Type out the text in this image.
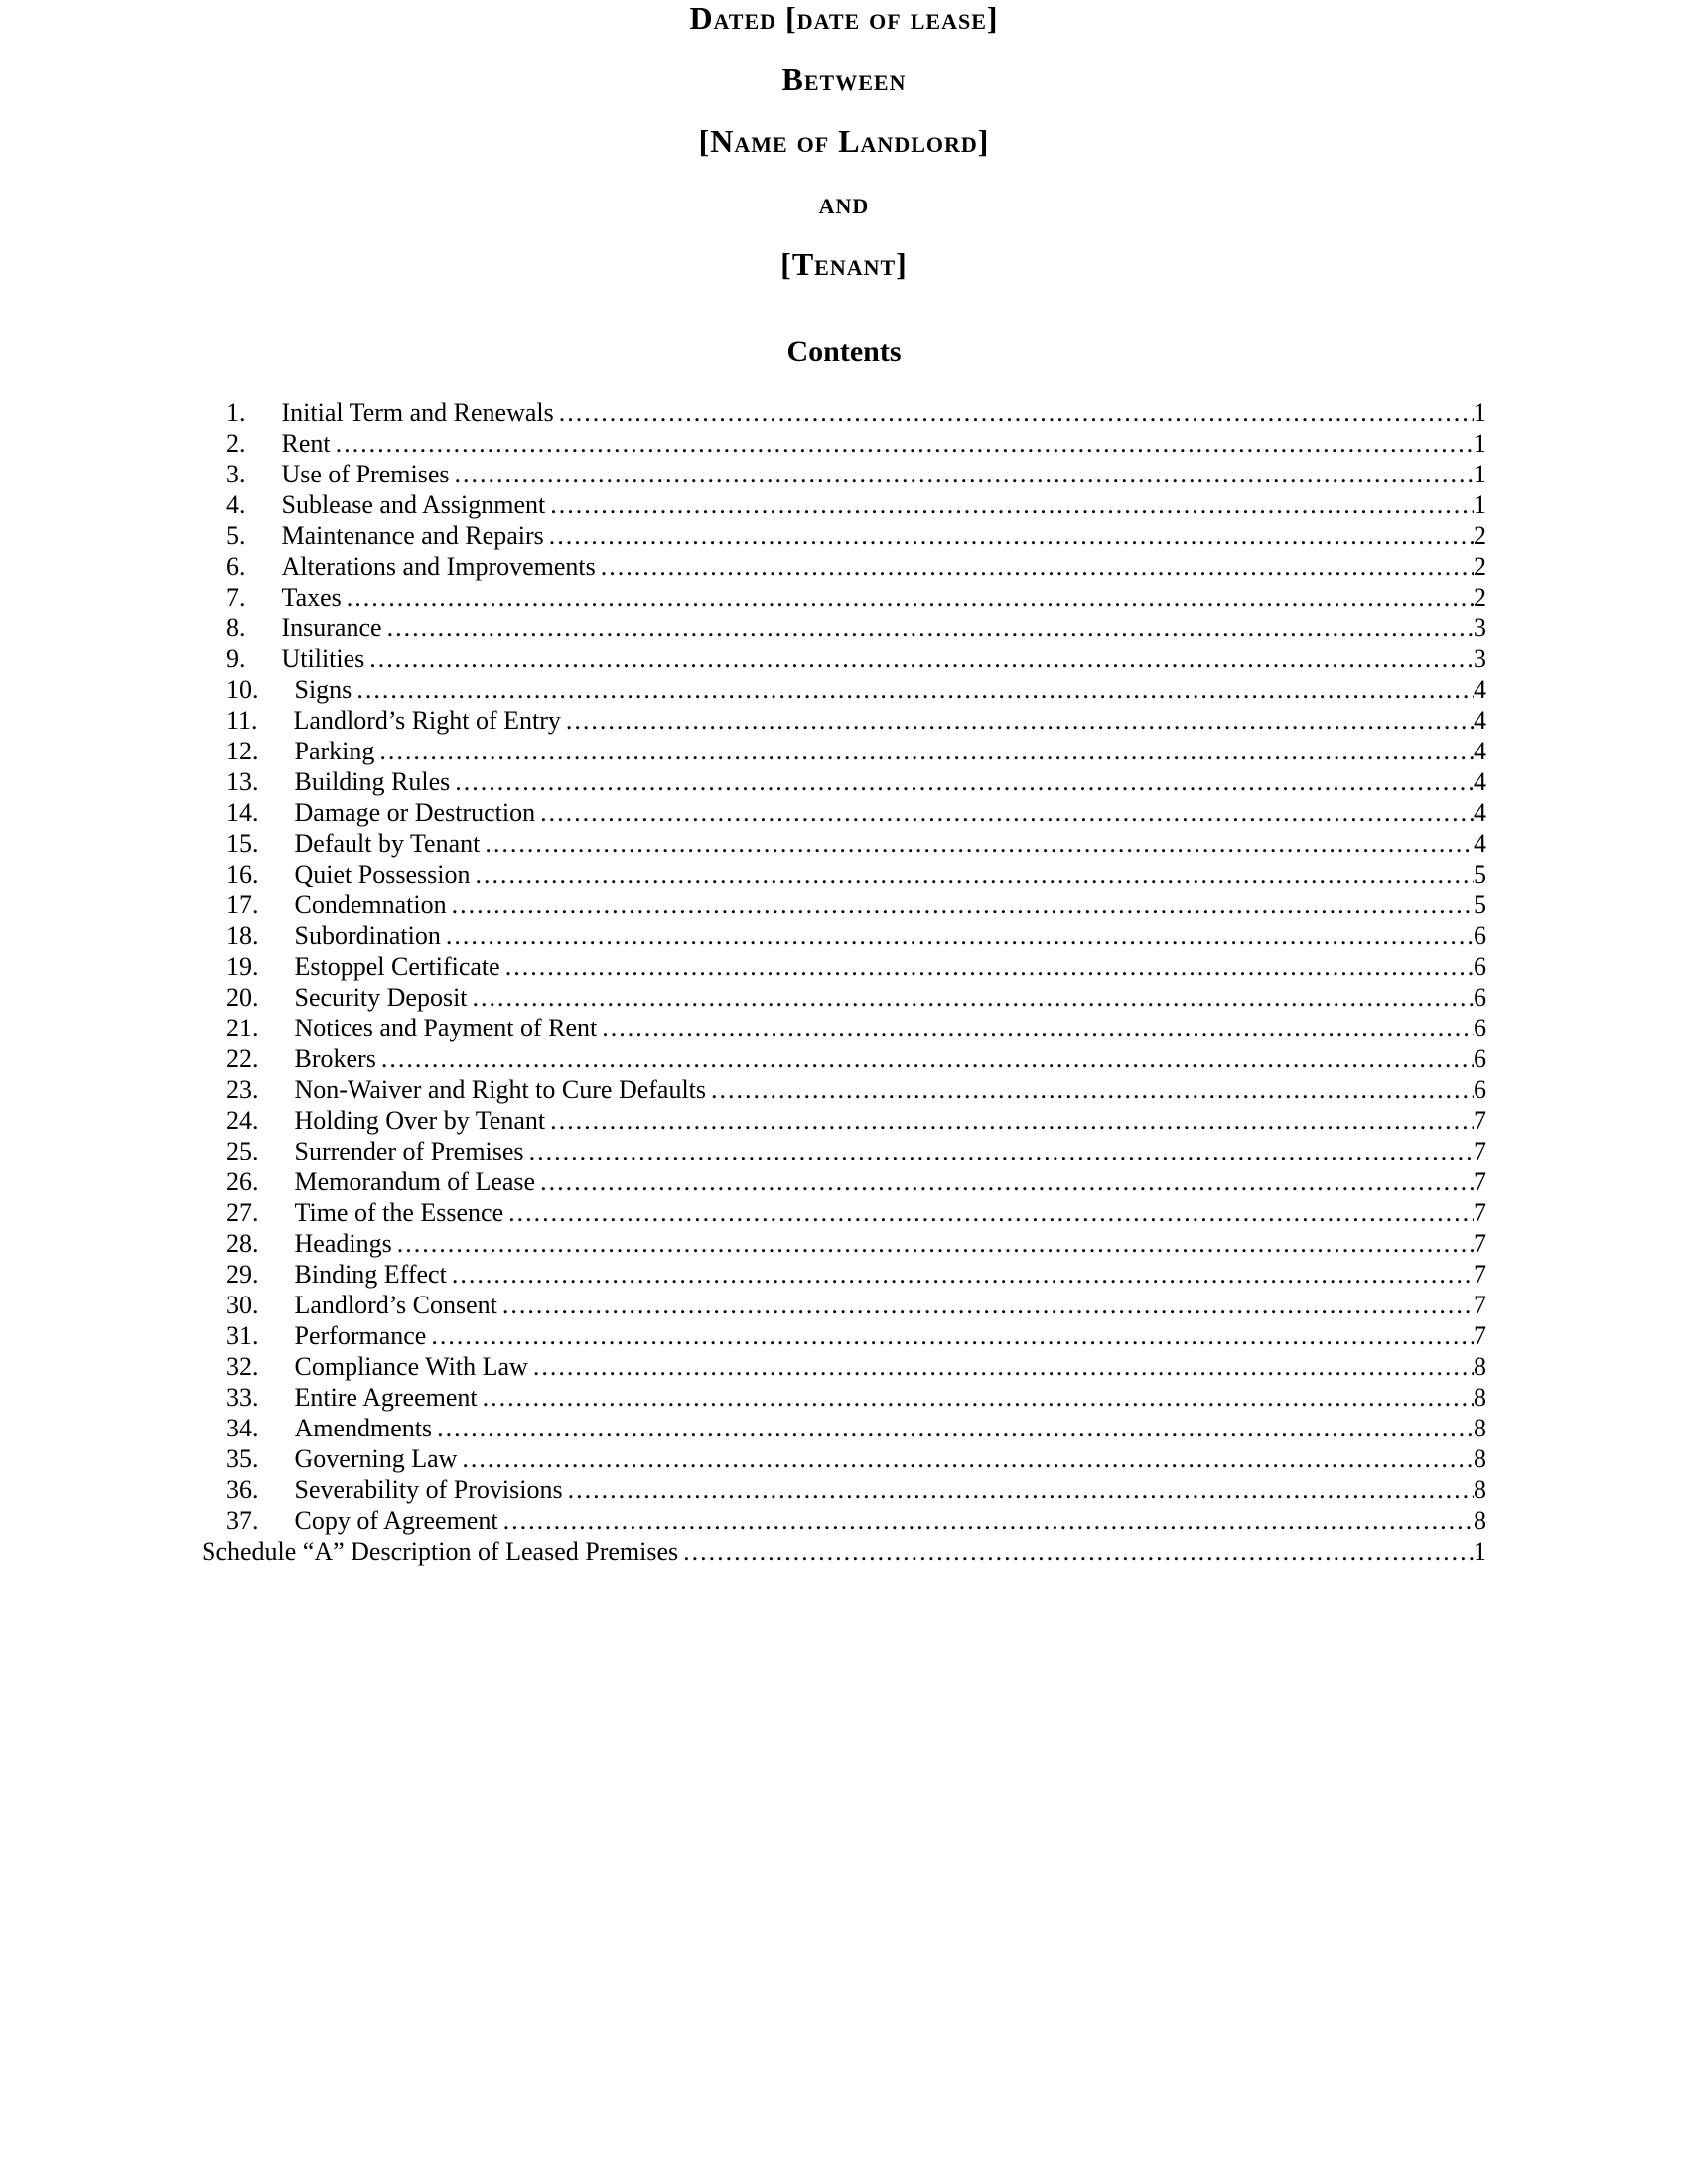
Dated [date of lease]
Between
[Name of Landlord]
and
[Tenant]
Contents
1. Initial Term and Renewals .....	1
2. Rent .....	1
3. Use of Premises .....	1
4. Sublease and Assignment .....	1
5. Maintenance and Repairs .....	2
6. Alterations and Improvements .....	2
7. Taxes .....	2
8. Insurance .....	3
9. Utilities .....	3
10. Signs .....	4
11. Landlord’s Right of Entry .....	4
12. Parking .....	4
13. Building Rules .....	4
14. Damage or Destruction .....	4
15. Default by Tenant .....	4
16. Quiet Possession .....	5
17. Condemnation .....	5
18. Subordination .....	6
19. Estoppel Certificate .....	6
20. Security Deposit .....	6
21. Notices and Payment of Rent .....	6
22. Brokers .....	6
23. Non-Waiver and Right to Cure Defaults .....	6
24. Holding Over by Tenant .....	7
25. Surrender of Premises .....	7
26. Memorandum of Lease .....	7
27. Time of the Essence .....	7
28. Headings .....	7
29. Binding Effect .....	7
30. Landlord’s Consent .....	7
31. Performance .....	7
32. Compliance With Law .....	8
33. Entire Agreement .....	8
34. Amendments .....	8
35. Governing Law .....	8
36. Severability of Provisions .....	8
37. Copy of Agreement .....	8
Schedule “A” Description of Leased Premises .....	1
